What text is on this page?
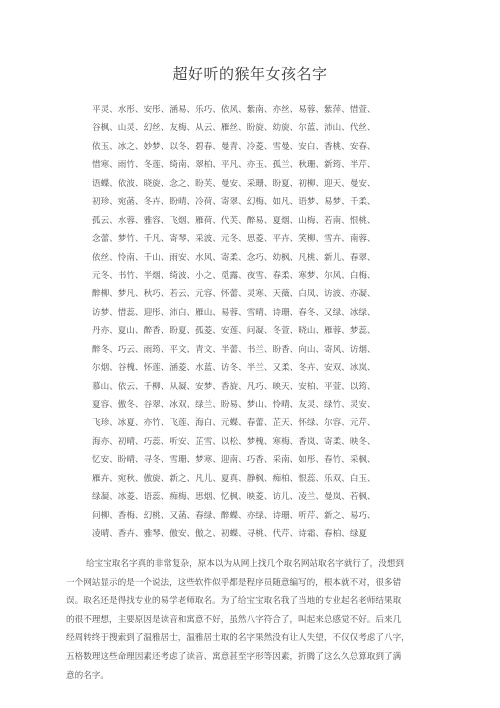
超好听的猴年女孩名字
平灵、水彤、安彤、涵易、乐巧、依风、紫南、亦丝、易蓉、紫萍、惜萱、
谷枫、山灵、幻丝、友梅、从云、雁丝、盼旋、幼旋、尔蓝、沛山、代丝、
依玉、冰之、妙梦、以冬、碧春、曼青、冷菱、雪曼、安白、香桃、安春、
惜寒、雨竹、冬莲、绮南、翠柏、平凡、亦玉、孤兰、秋珊、新筠、半芹、
语蝶、依波、晓旋、念之、盼芙、曼安、采珊、盼夏、初柳、迎天、曼安、
初珍、宛菡、冬卉、盼晴、冷荷、寄翠、幻梅、如凡、语梦、易梦、千柔、
孤云、水蓉、雅容、飞烟、雁荷、代芙、醉易、夏烟、山梅、若南、恨桃、
念蕾、梦竹、千凡、寄琴、采波、元冬、思菱、平卉、笑柳、雪卉、南蓉、
依丝、怜南、千山、雨安、水风、寄柔、念巧、幼枫、凡桃、新儿、春翠、
元冬、书竹、半烟、绮波、小之、觅露、夜雪、春柔、寒梦、尔风、白梅、
醉柳、梦凡、秋巧、若云、元容、怀蕾、灵寒、天薇、白凤、访波、亦凝、
访梦、惜蕊、迎彤、沛白、雁山、易蓉、雪晴、诗珊、春冬、又绿、冰绿、
丹亦、夏山、醉香、盼夏、孤菱、安莲、问凝、冬萱、晓山、雁蓉、梦蕊、
醉冬、巧云、雨筠、平文、青文、半蕾、书兰、盼香、向山、寄风、访烟、
尔烟、谷槐、怀莲、涵菱、水蓝、访冬、半兰、又柔、冬卉、安双、冰岚、
慕山、依云、千柳、从凝、安梦、香旋、凡巧、映天、安柏、平萱、以筠、
夏容、傲冬、谷翠、冰双、绿兰、盼易、梦山、怜晴、友灵、绿竹、灵安、
飞珍、冰夏、亦竹、飞莲、海白、元蝶、春蕾、芷天、怀绿、尔容、元芹、
海亦、初晴、巧蕊、听安、芷雪、以松、梦槐、寒梅、香岚、寄柔、映冬、
忆安、盼晴、寻冬、雪珊、梦寒、迎南、巧香、采南、如彤、春竹、采枫、
雁卉、宛秋、傲旋、新之、凡儿、夏真、静枫、痴柏、恨蕊、乐双、白玉、
绿凝、冰菱、语蕊、痴梅、思烟、忆枫、映菱、访儿、凌兰、曼岚、若枫、
问柳、香梅、幻桃、又菡、春绿、醉蝶、亦绿、诗珊、听芹、新之、易巧、
凌晴、香卉、雅琴、傲安、傲之、初蝶、寻桃、代芹、诗霜、春柏、绿夏
给宝宝取名字真的非常复杂，原本以为从网上找几个取名网站取名字就行了，没想到
一个网站显示的是一个说法，这些软件似乎都是程序员随意编写的，根本就不对，很多错
误。取名还是得找专业的易学老师取名。为了给宝宝取名我了当地的专业起名老师结果取
的很不理想，主要原因是读音和寓意不好，虽然八字符合了，叫起来总感觉不好。后来几
经周转终于搜索到了温雅居士，温雅居士取的名字果然没有让人失望，不仅仅考虑了八字，
五格数理这些命理因素还考虑了读音、寓意甚至字形等因素，折腾了这么久总算取到了满
意的名字。
